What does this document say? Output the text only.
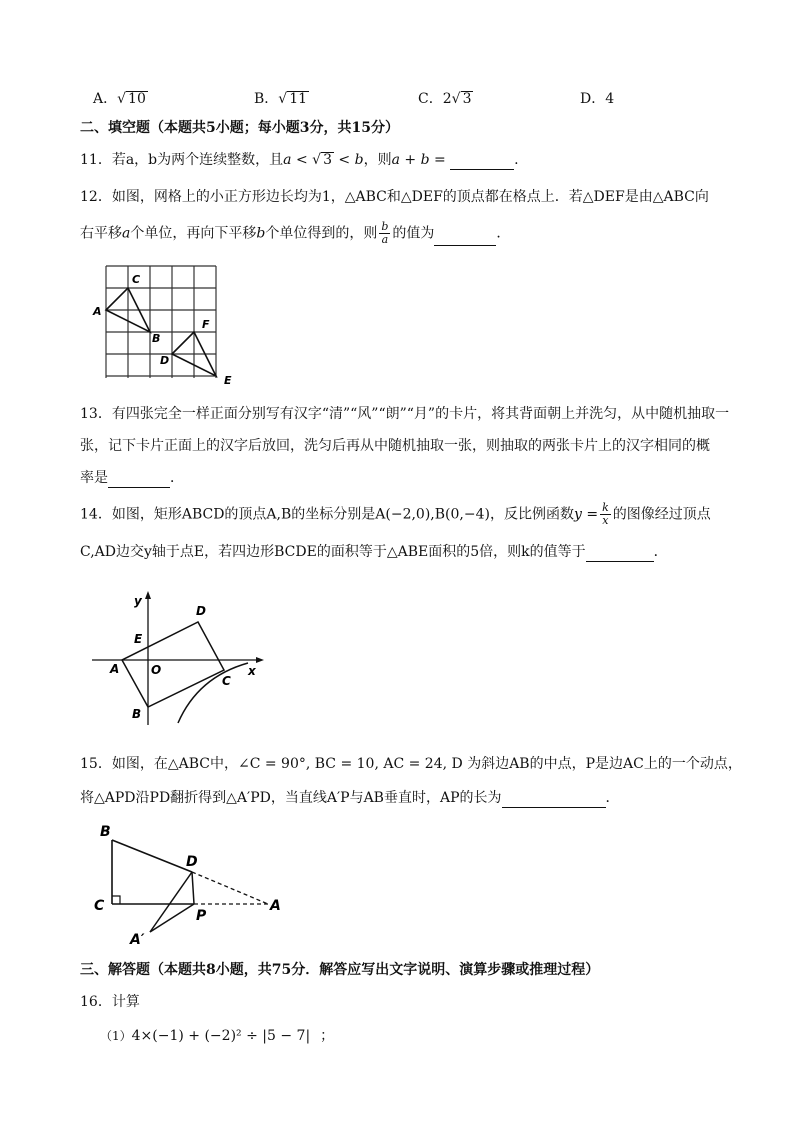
A．√ 10	B．√ 11	C．2√ 3	D．4
二、填空题（本题共5小题；每小题3分，共15分）
11．若a，b为两个连续整数，且a < √ 3 < b，则a + b =	.
12．如图，网格上的小正方形边长均为1，△ABC和△DEF的顶点都在格点上．若△DEF是由△ABC向
右平移a个单位，再向下平移b个单位得到的，则 $\frac{b}{a}$ 的值为	．
A
C
B
D
F
E
13．有四张完全一样正面分别写有汉字“清”“风”“朗”“月”的卡片，将其背面朝上并洗匀，从中随机抽取一
张，记下卡片正面上的汉字后放回，洗匀后再从中随机抽取一张，则抽取的两张卡片上的汉字相同的概
率是	．
14．如图，矩形ABCD的顶点A,B的坐标分别是A(−2,0),B(0,−4)，反比例函数$y = \frac{k}{x}$ 的图像经过顶点
C,AD边交y轴于点E，若四边形BCDE的面积等于△ABE面积的5倍，则k的值等于	．
y
x
D
E
A	O
C
B
15．如图，在△ABC中，∠C = 90°, BC = 10, AC = 24, D 为斜边AB的中点，P是边AC上的一个动点，
将△APD沿PD翻折得到△A′PD，当直线A′P与AB垂直时，AP的长为	．
B
D
C
P
A
A′
三、解答题（本题共8小题，共75分．解答应写出文字说明、演算步骤或推理过程）
16．计算
（1）4×(−1) + (−2)² ÷ |5 − 7| ；
